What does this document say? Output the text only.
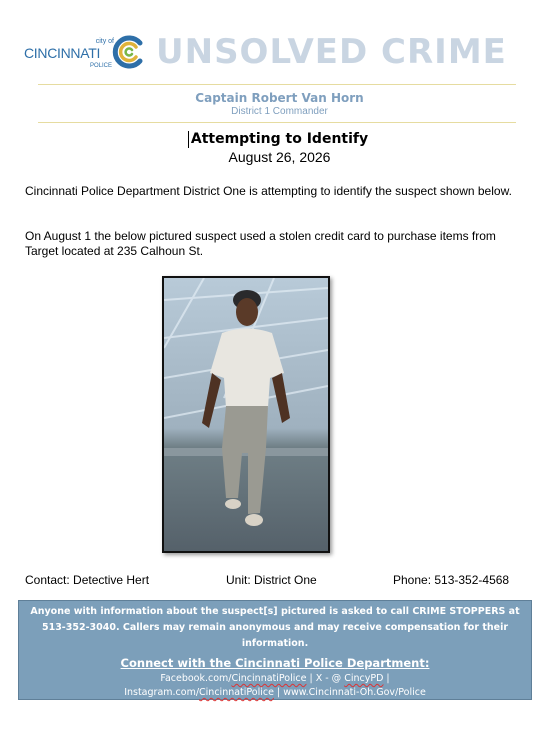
city of
CINCINNATI
POLICE UNSOLVED CRIME
Captain Robert Van Horn
District 1 Commander
Attempting to Identify
August 26, 2026

Cincinnati Police Department District One is attempting to identify the suspect shown below.

On August 1 the below pictured suspect used a stolen credit card to purchase items from Target located at 235 Calhoun St.

Contact: Detective Hert	Unit: District One	Phone: 513-352-4568
Anyone with information about the suspect[s] pictured is asked to call CRIME STOPPERS at 513-352-3040. Callers may remain anonymous and may receive compensation for their information.
Connect with the Cincinnati Police Department:
Facebook.com/CincinnatiPolice | X - @ CincyPD |
Instagram.com/CincinnatiPolice | www.Cincinnati-Oh.Gov/Police
